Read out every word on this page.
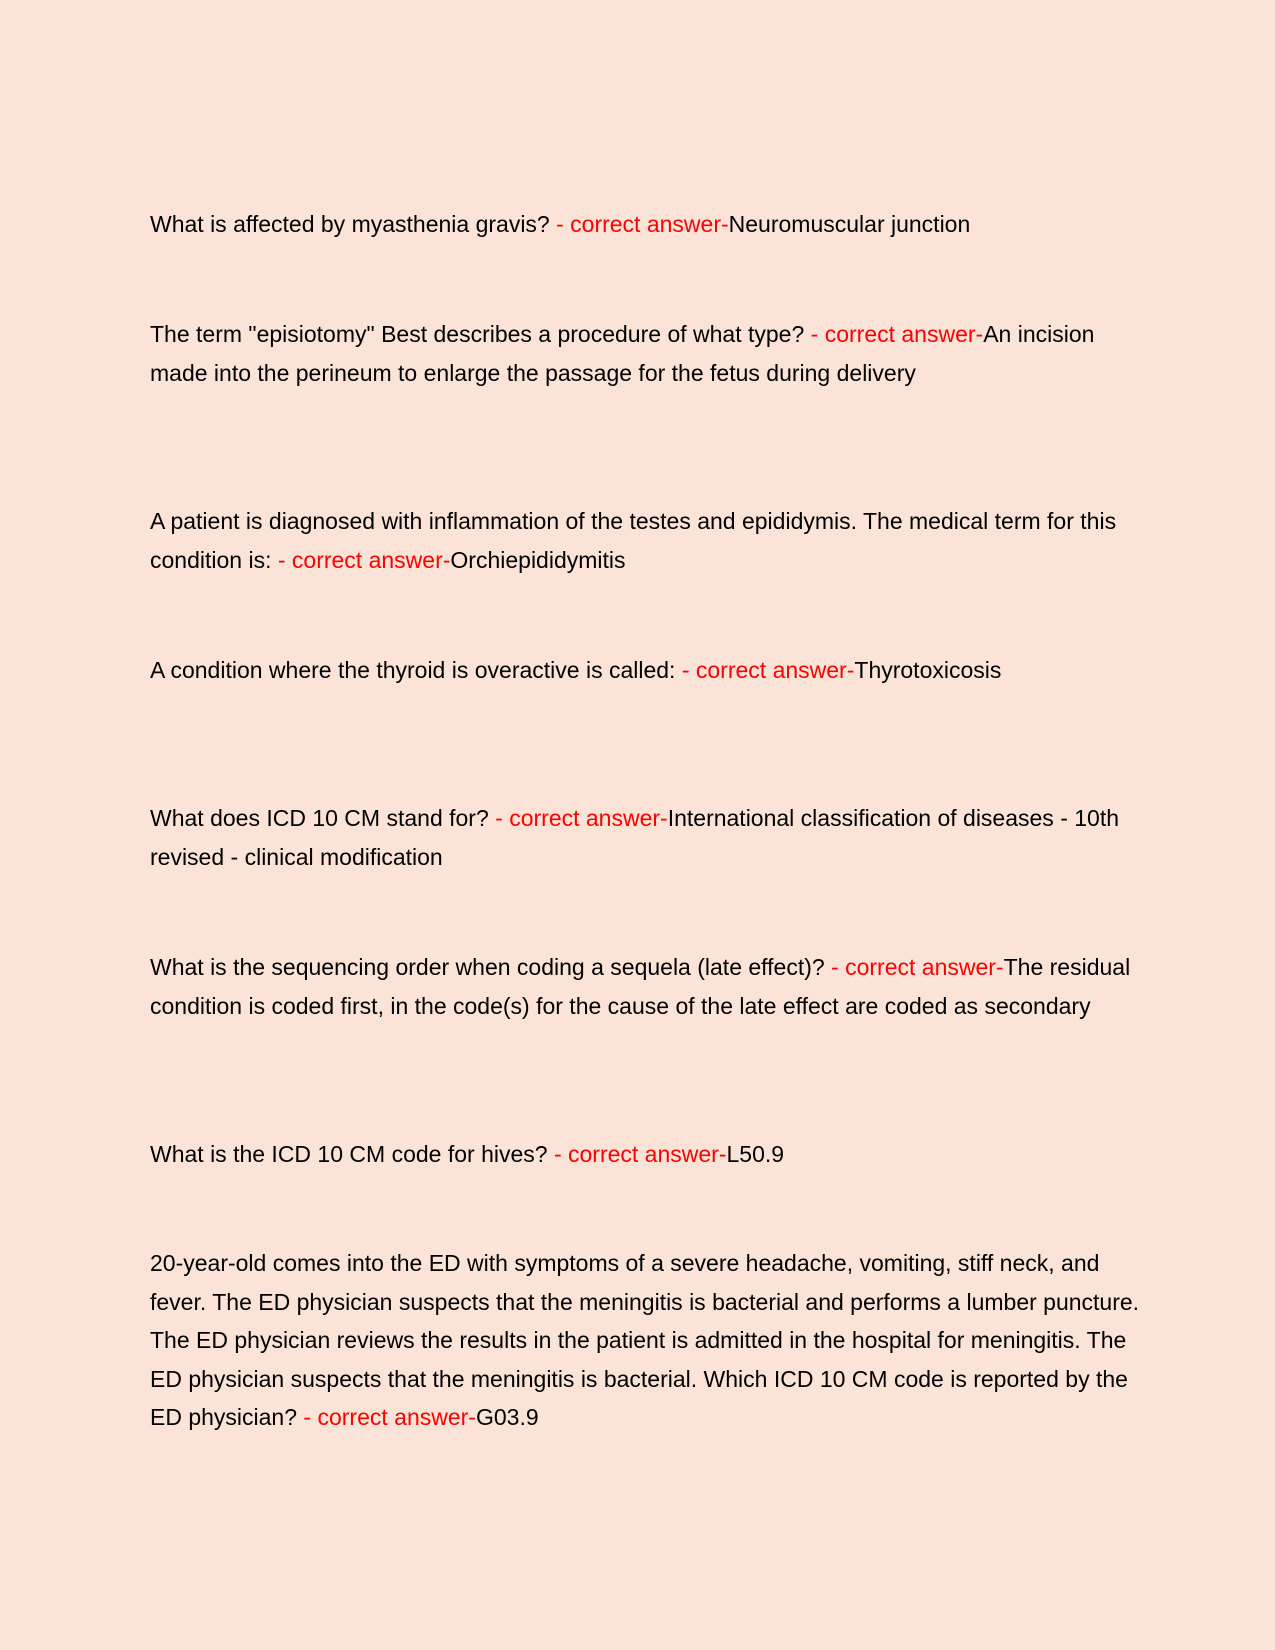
What is affected by myasthenia gravis? - correct answer-Neuromuscular junction
The term "episiotomy" Best describes a procedure of what type? - correct answer-An incision made into the perineum to enlarge the passage for the fetus during delivery
A patient is diagnosed with inflammation of the testes and epididymis. The medical term for this condition is: - correct answer-Orchiepididymitis
A condition where the thyroid is overactive is called: - correct answer-Thyrotoxicosis
What does ICD 10 CM stand for? - correct answer-International classification of diseases - 10th revised - clinical modification
What is the sequencing order when coding a sequela (late effect)? - correct answer-The residual condition is coded first, in the code(s) for the cause of the late effect are coded as secondary
What is the ICD 10 CM code for hives? - correct answer-L50.9
20-year-old comes into the ED with symptoms of a severe headache, vomiting, stiff neck, and fever. The ED physician suspects that the meningitis is bacterial and performs a lumber puncture. The ED physician reviews the results in the patient is admitted in the hospital for meningitis. The ED physician suspects that the meningitis is bacterial. Which ICD 10 CM code is reported by the ED physician? - correct answer-G03.9
